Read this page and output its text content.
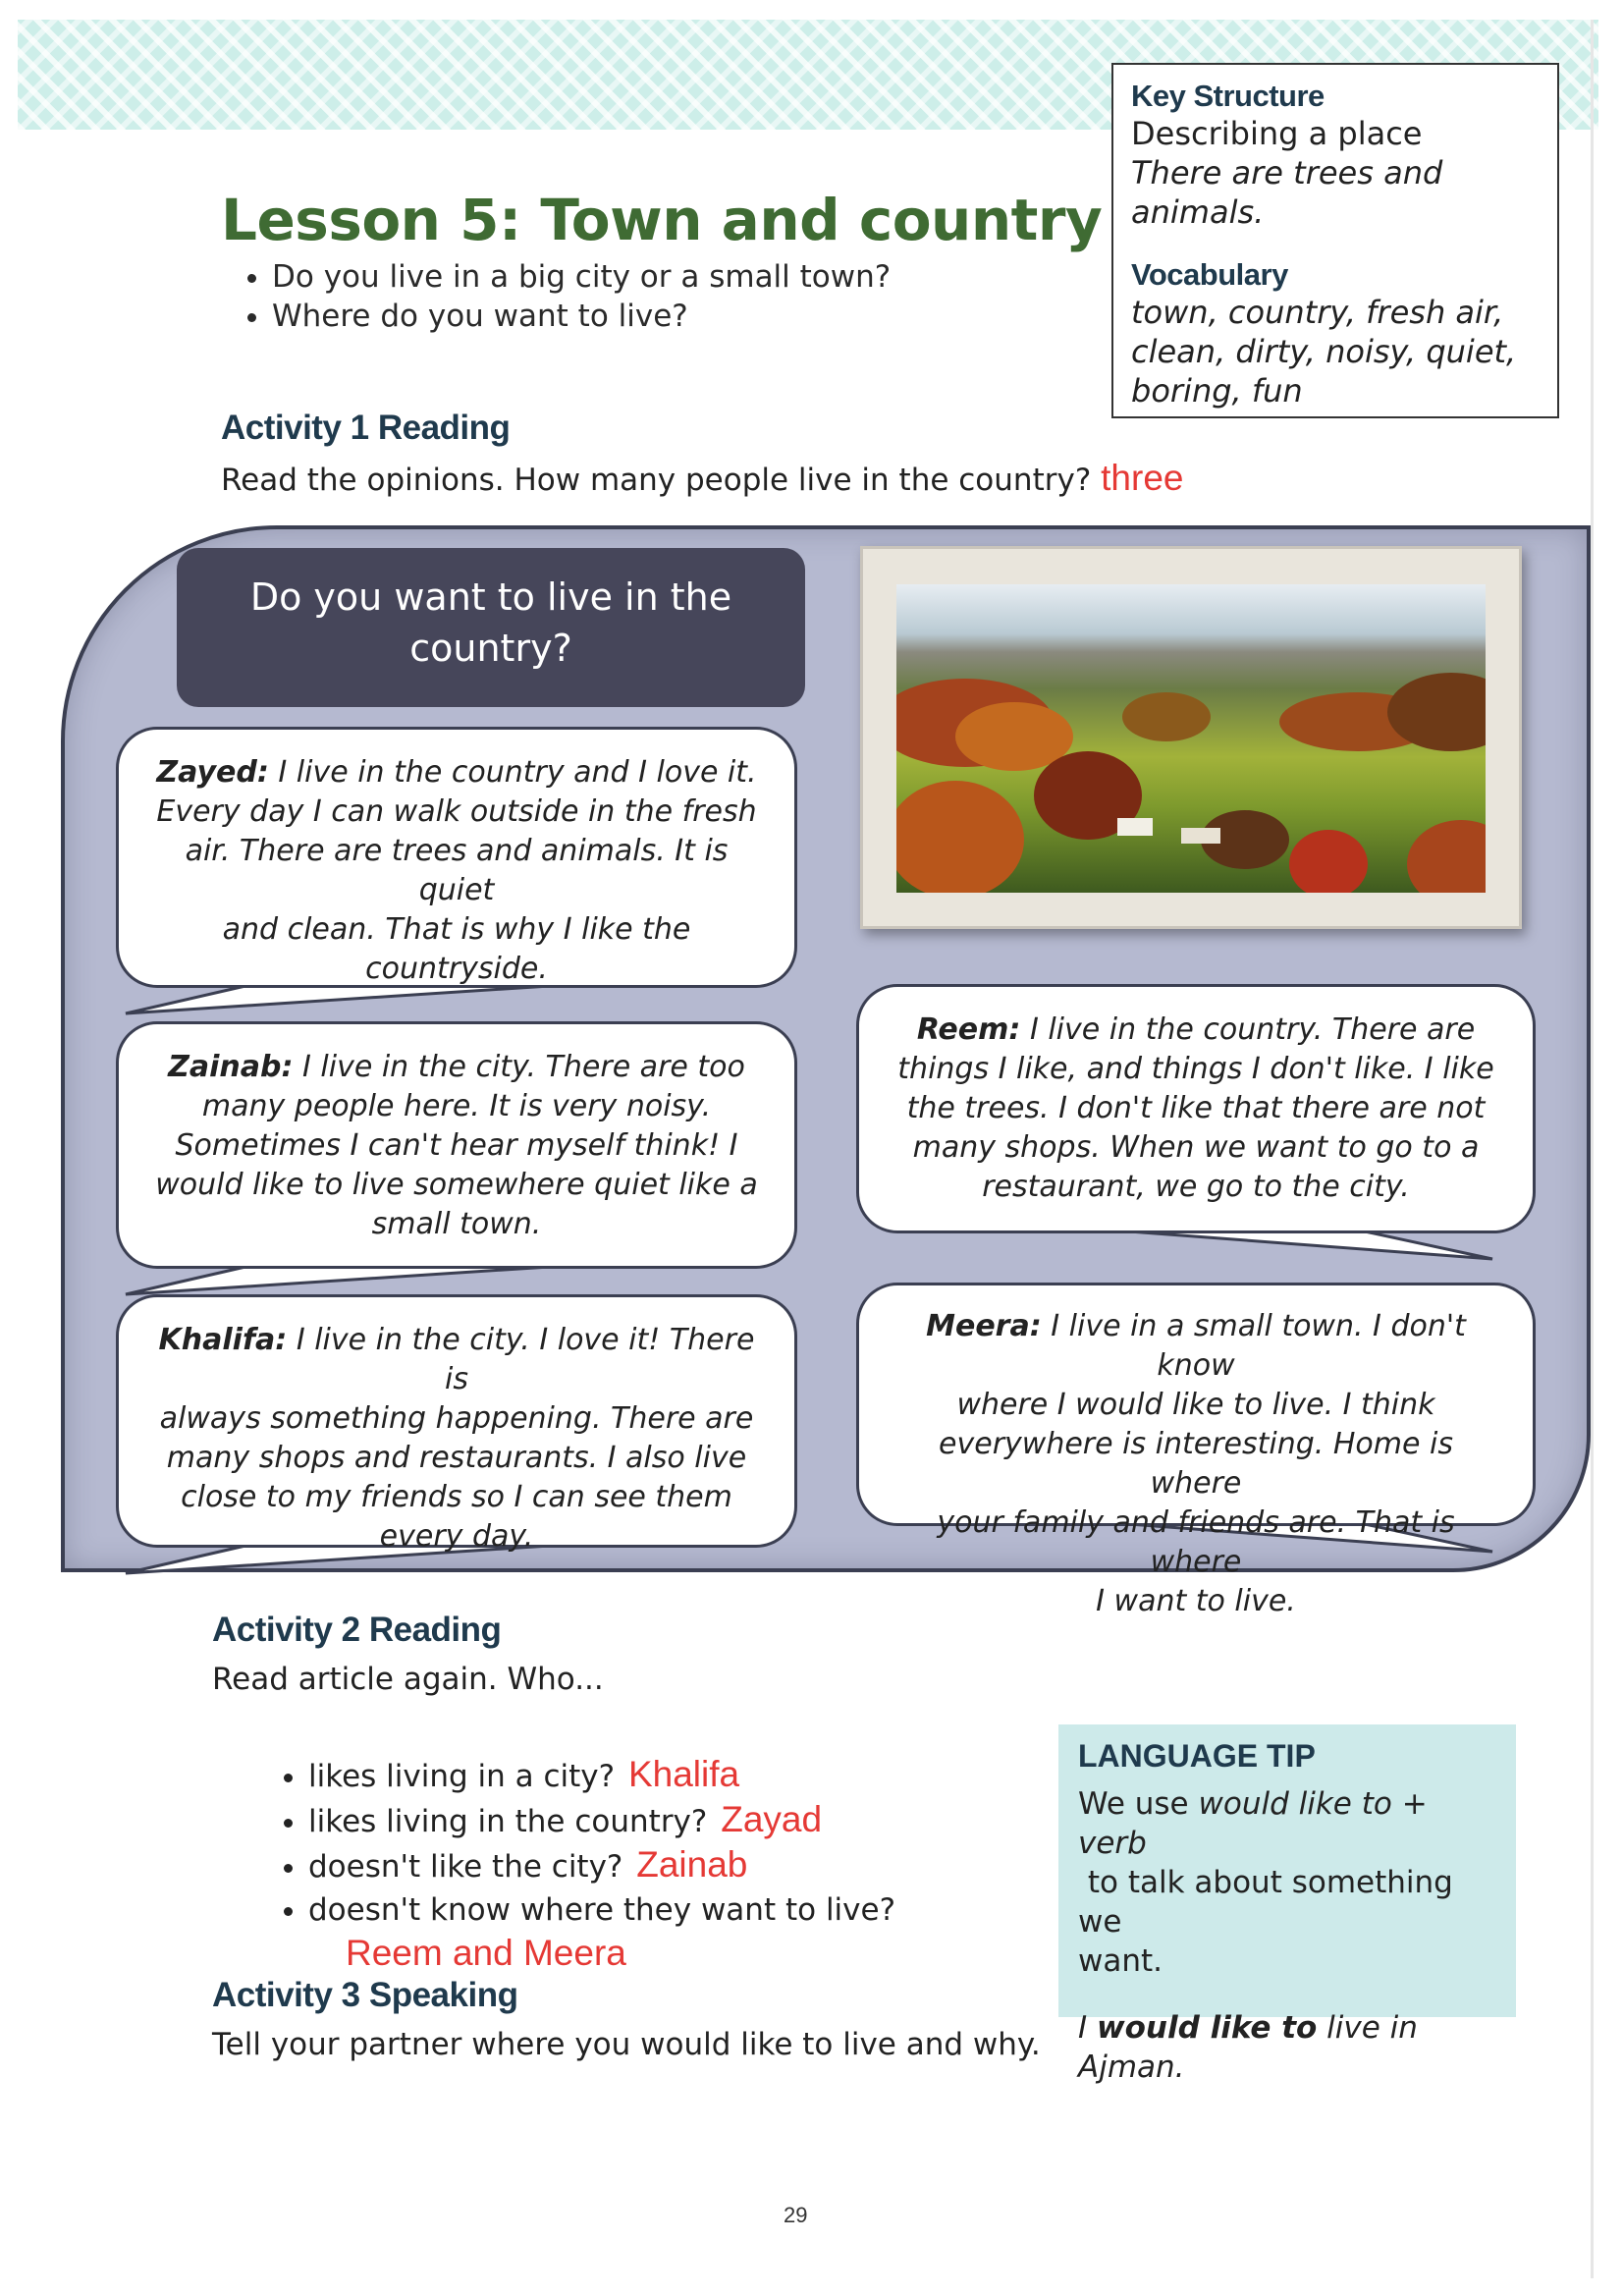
Key Structure
Describing a place
There are trees and animals.
Vocabulary
town, country, fresh air,
clean, dirty, noisy, quiet,
boring, fun
Lesson 5: Town and country
• Do you live in a big city or a small town?
• Where do you want to live?
Activity 1 Reading
Read the opinions. How many people live in the country? three
Do you want to live in the
country?
Zayed: I live in the country and I love it.
Every day I can walk outside in the fresh
air. There are trees and animals. It is quiet
and clean. That is why I like the
countryside.
Zainab: I live in the city. There are too
many people here. It is very noisy.
Sometimes I can't hear myself think! I
would like to live somewhere quiet like a
small town.
Khalifa: I live in the city. I love it! There is
always something happening. There are
many shops and restaurants. I also live
close to my friends so I can see them
every day.
Reem: I live in the country. There are
things I like, and things I don't like. I like
the trees. I don't like that there are not
many shops. When we want to go to a
restaurant, we go to the city.
Meera: I live in a small town. I don't know
where I would like to live. I think
everywhere is interesting. Home is where
your family and friends are. That is where
I want to live.
Activity 2 Reading
Read article again. Who...
• likes living in a city? Khalifa
• likes living in the country? Zayad
• doesn't like the city? Zainab
• doesn't know where they want to live?
Reem and Meera
LANGUAGE TIP
We use would like to + verb
to talk about something we
want.
I would like to live in Ajman.
Activity 3 Speaking
Tell your partner where you would like to live and why.
29
